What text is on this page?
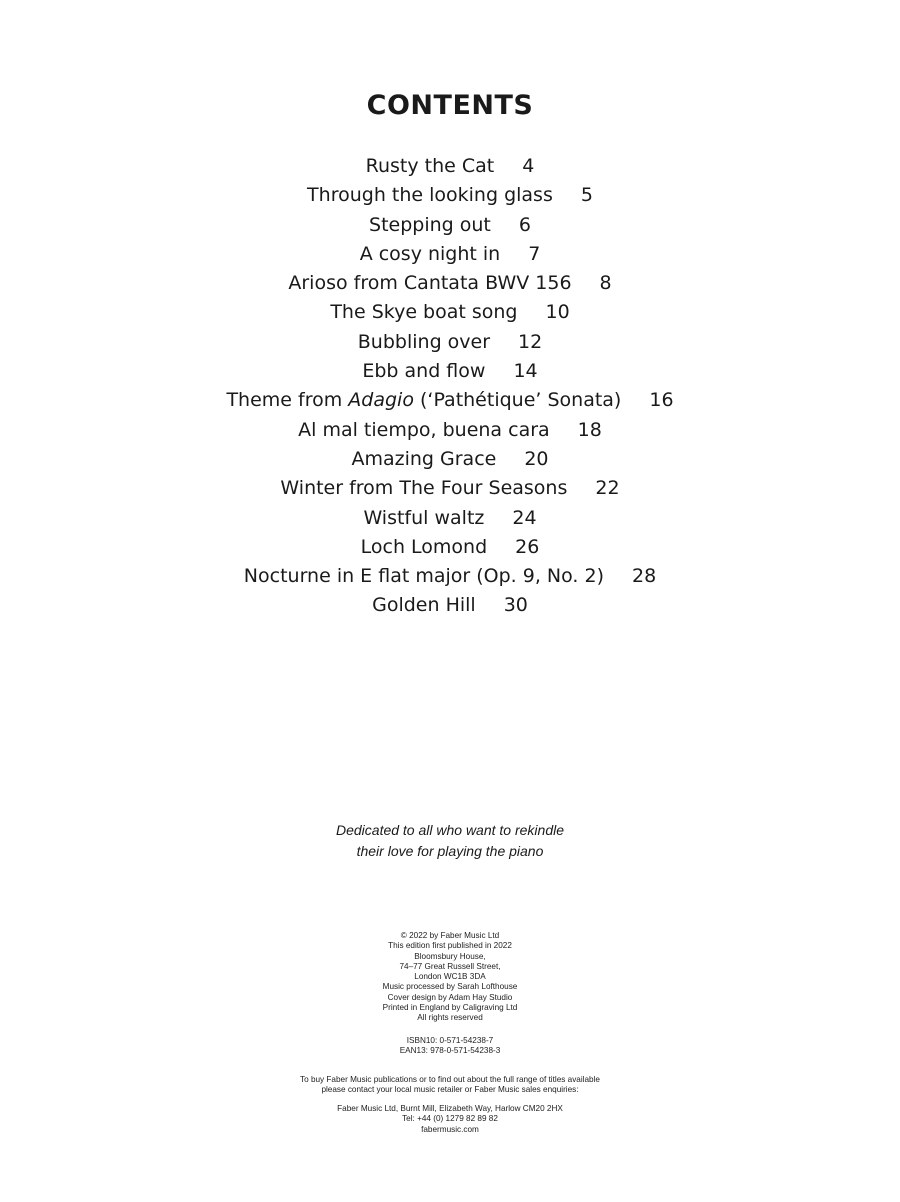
CONTENTS
Rusty the Cat 4
Through the looking glass 5
Stepping out 6
A cosy night in 7
Arioso from Cantata BWV 156 8
The Skye boat song 10
Bubbling over 12
Ebb and flow 14
Theme from Adagio (‘Pathétique’ Sonata) 16
Al mal tiempo, buena cara 18
Amazing Grace 20
Winter from The Four Seasons 22
Wistful waltz 24
Loch Lomond 26
Nocturne in E flat major (Op. 9, No. 2) 28
Golden Hill 30
Dedicated to all who want to rekindle
their love for playing the piano
© 2022 by Faber Music Ltd
This edition first published in 2022
Bloomsbury House,
74–77 Great Russell Street,
London WC1B 3DA
Music processed by Sarah Lofthouse
Cover design by Adam Hay Studio
Printed in England by Caligraving Ltd
All rights reserved
ISBN10: 0-571-54238-7
EAN13: 978-0-571-54238-3
To buy Faber Music publications or to find out about the full range of titles available
please contact your local music retailer or Faber Music sales enquiries:
Faber Music Ltd, Burnt Mill, Elizabeth Way, Harlow CM20 2HX
Tel: +44 (0) 1279 82 89 82
fabermusic.com
